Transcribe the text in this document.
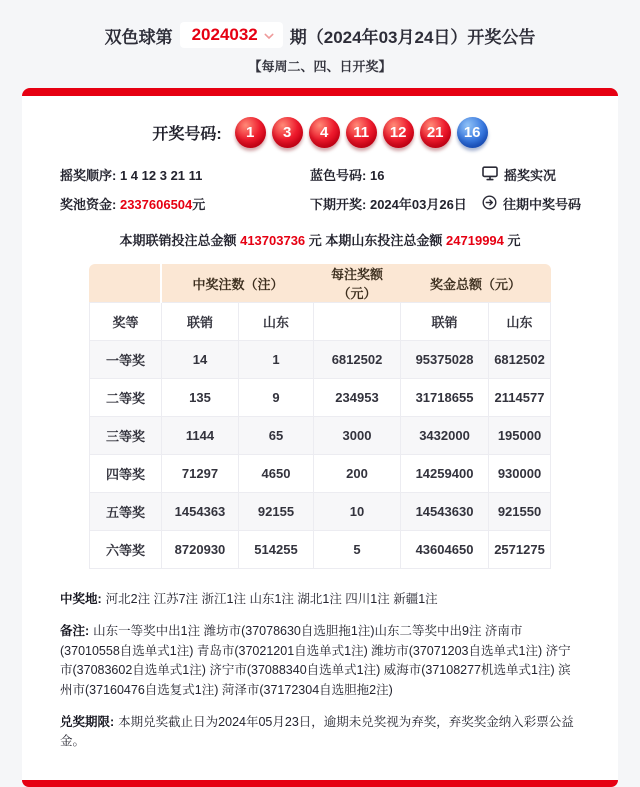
双色球第 2024032 期（2024年03月24日）开奖公告
【每周二、四、日开奖】
开奖号码:	1	3	4	11	12	21	16
摇奖顺序: 1 4 12 3 21 11	蓝色号码: 16	摇奖实况
奖池资金: 2337606504元	下期开奖: 2024年03月26日	往期中奖号码
本期联销投注总金额 413703736 元 本期山东投注总金额 24719994 元
	中奖注数（注）		每注奖额（元）	奖金总额（元）	
奖等	联销	山东		联销	山东
一等奖	14	1	6812502	95375028	6812502
二等奖	135	9	234953	31718655	2114577
三等奖	1144	65	3000	3432000	195000
四等奖	71297	4650	200	14259400	930000
五等奖	1454363	92155	10	14543630	921550
六等奖	8720930	514255	5	43604650	2571275

中奖地: 河北2注 江苏7注 浙江1注 山东1注 湖北1注 四川1注 新疆1注

备注: 山东一等奖中出1注 潍坊市(37078630自选胆拖1注)山东二等奖中出9注 济南市(37010558自选单式1注) 青岛市(37021201自选单式1注) 潍坊市(37071203自选单式1注) 济宁市(37083602自选单式1注) 济宁市(37088340自选单式1注) 威海市(37108277机选单式1注) 滨州市(37160476自选复式1注) 菏泽市(37172304自选胆拖2注)

兑奖期限: 本期兑奖截止日为2024年05月23日，逾期未兑奖视为弃奖，弃奖奖金纳入彩票公益金。
